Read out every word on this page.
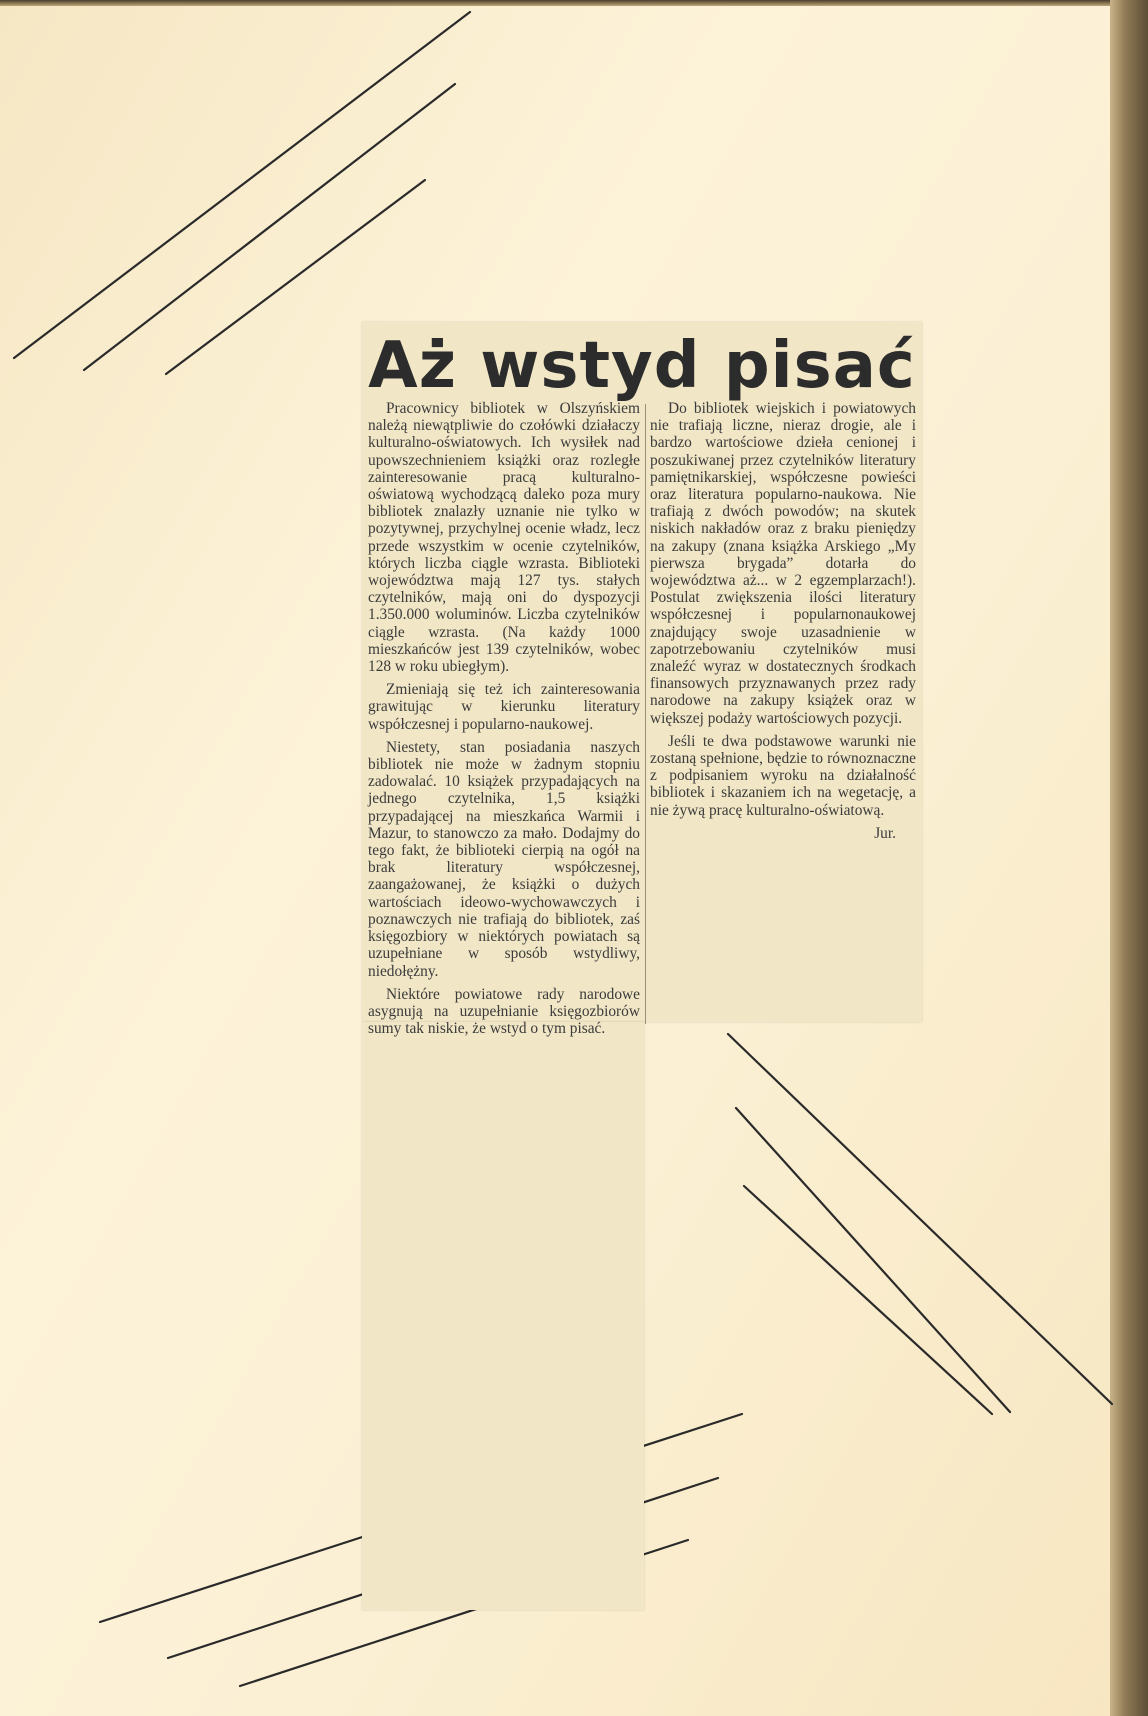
Aż wstyd pisać

Pracownicy bibliotek w Olszyńskiem należą niewątpliwie do czołówki działaczy kulturalno-oświatowych. Ich wysiłek nad upowszechnieniem książki oraz rozległe zainteresowanie pracą kulturalno-oświatową wychodzącą daleko poza mury bibliotek znalazły uznanie nie tylko w pozytywnej, przychylnej ocenie władz, lecz przede wszystkim w ocenie czytelników, których liczba ciągle wzrasta. Biblioteki województwa mają 127 tys. stałych czytelników, mają oni do dyspozycji 1.350.000 woluminów. Liczba czytelników ciągle wzrasta. (Na każdy 1000 mieszkańców jest 139 czytelników, wobec 128 w roku ubiegłym).

Zmieniają się też ich zainteresowania grawitując w kierunku literatury współczesnej i popularno-naukowej.

Niestety, stan posiadania naszych bibliotek nie może w żadnym stopniu zadowalać. 10 książek przypadających na jednego czytelnika, 1,5 książki przypadającej na mieszkańca Warmii i Mazur, to stanowczo za mało. Dodajmy do tego fakt, że bibliotekі cierpią na ogół na brak literatury współczesnej, zaangażowanej, że książki o dużych wartościach ideowo-wychowawczych i poznawczych nie trafiają do bibliotek, zaś księgozbiory w niektórych powiatach są uzupełniane w sposób wstydliwy, niedołężny.

Niektóre powiatowe rady narodowe asygnują na uzupełnianie księgozbiorów sumy tak niskie, że wstyd o tym pisać.

Do bibliotek wiejskich i powiatowych nie trafiają liczne, nieraz drogie, ale i bardzo wartościowe dzieła cenionej i poszukiwanej przez czytelników literatury pamiętnikarskiej, współczesne powieści oraz literatura popularno-naukowa. Nie trafiają z dwóch powodów; na skutek niskich nakładów oraz z braku pieniędzy na zakupy (znana książka Arskiego „My pierwsza brygada” dotarła do województwa aż... w 2 egzemplarzach!). Postulat zwiększenia ilości literatury współczesnej i popularnonaukowej znajdujący swoje uzasadnienie w zapotrzebowaniu czytelników musi znaleźć wyraz w dostatecznych środkach finansowych przyznawanych przez rady narodowe na zakupy książek oraz w większej podaży wartościowych pozycji.

Jeśli te dwa podstawowe warunki nie zostaną spełnione, będzie to równoznaczne z podpisaniem wyroku na działalność bibliotek i skazaniem ich na wegetację, a nie żywą pracę kulturalno-oświatową.

Jur.
